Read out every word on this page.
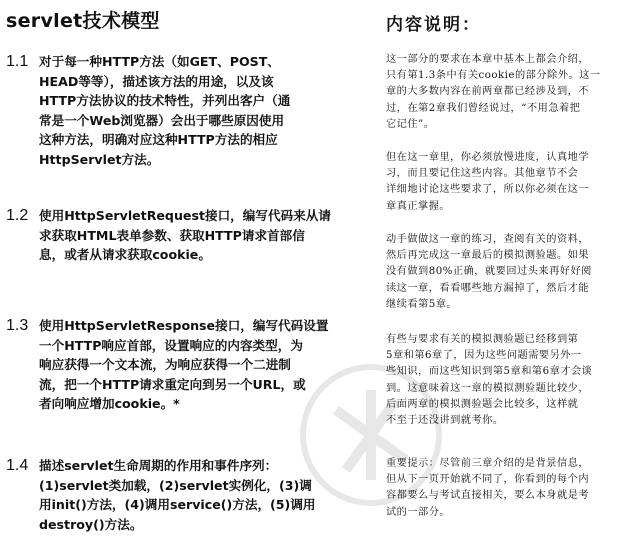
servlet技术模型
1.1 对于每一种HTTP方法（如GET、POST、
HEAD等等），描述该方法的用途，以及该
HTTP方法协议的技术特性，并列出客户（通
常是一个Web浏览器）会出于哪些原因使用
这种方法，明确对应这种HTTP方法的相应
HttpServlet方法。
1.2 使用HttpServletRequest接口，编写代码来从请
求获取HTML表单参数、获取HTTP请求首部信
息，或者从请求获取cookie。
1.3 使用HttpServletResponse接口，编写代码设置
一个HTTP响应首部，设置响应的内容类型，为
响应获得一个文本流，为响应获得一个二进制
流，把一个HTTP请求重定向到另一个URL，或
者向响应增加cookie。*
1.4 描述servlet生命周期的作用和事件序列：
(1)servlet类加载，(2)servlet实例化，(3)调
用init()方法，(4)调用service()方法，(5)调用
destroy()方法。
内容说明：
这一部分的要求在本章中基本上都会介绍，
只有第1.3条中有关cookie的部分除外。这一
章的大多数内容在前两章都已经涉及到，不
过，在第2章我们曾经说过，“不用急着把
它记住”。
但在这一章里，你必须放慢进度，认真地学
习，而且要记住这些内容。其他章节不会
详细地讨论这些要求了，所以你必须在这一
章真正掌握。
动手做做这一章的练习，查阅有关的资料，
然后再完成这一章最后的模拟测验题。如果
没有做到80%正确，就要回过头来再好好阅
读这一章，看看哪些地方漏掉了，然后才能
继续看第5章。
有些与要求有关的模拟测验题已经移到第
5章和第6章了，因为这些问题需要另外一
些知识，而这些知识到第5章和第6章才会谈
到。这意味着这一章的模拟测验题比较少，
后面两章的模拟测验题会比较多，这样就
不至于还没讲到就考你。
重要提示：尽管前三章介绍的是背景信息，
但从下一页开始就不同了，你看到的每个内
容都要么与考试直接相关，要么本身就是考
试的一部分。
